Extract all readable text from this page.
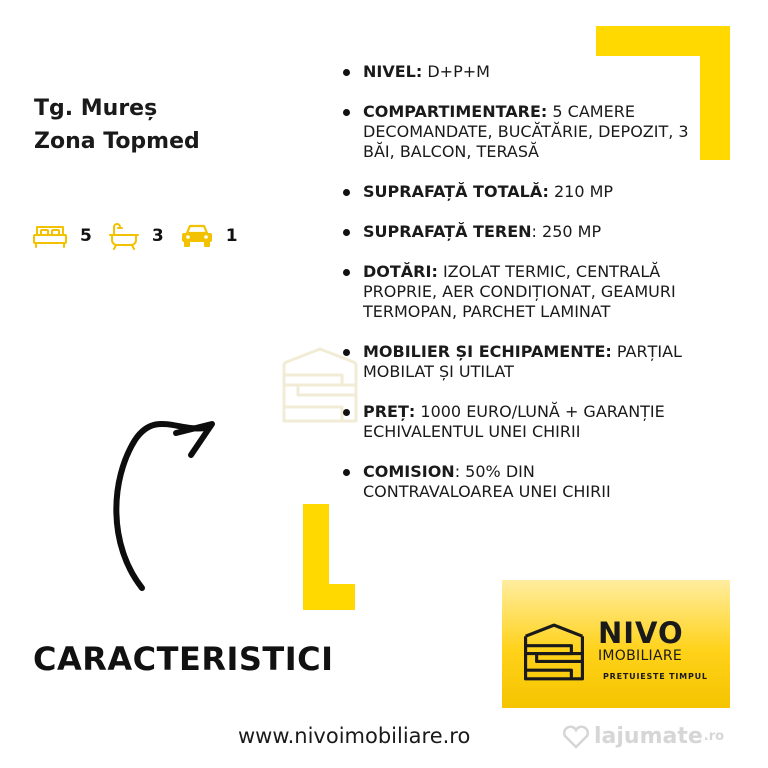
Tg. Mureș
Zona Topmed
5	3	1
NIVEL: D+P+M
COMPARTIMENTARE: 5 CAMERE DECOMANDATE, BUCĂTĂRIE, DEPOZIT, 3 BĂI, BALCON, TERASĂ
SUPRAFAȚĂ TOTALĂ: 210 MP
SUPRAFAȚĂ TEREN: 250 MP
DOTĂRI: IZOLAT TERMIC, CENTRALĂ PROPRIE, AER CONDIȚIONAT, GEAMURI TERMOPAN, PARCHET LAMINAT
MOBILIER ȘI ECHIPAMENTE: PARȚIAL MOBILAT ȘI UTILAT
PREȚ: 1000 EURO/LUNĂ + GARANȚIE ECHIVALENTUL UNEI CHIRII
COMISION: 50% DIN CONTRAVALOAREA UNEI CHIRII
CARACTERISTICI
NIVO
IMOBILIARE
PRETUIESTE TIMPUL
www.nivoimobiliare.ro	lajumate .ro
